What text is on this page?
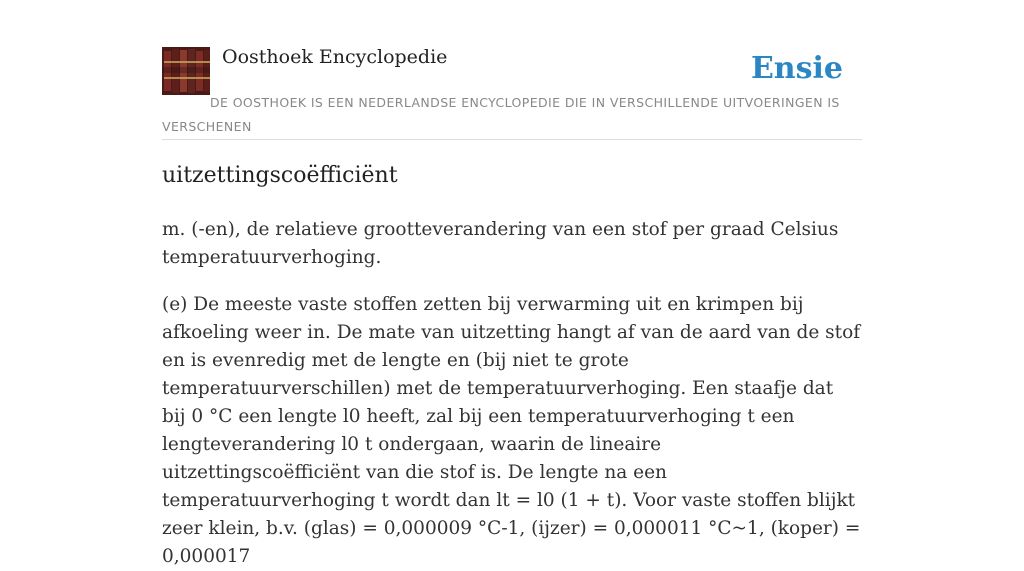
Oosthoek Encyclopedie	Ensie
DE OOSTHOEK IS EEN NEDERLANDSE ENCYCLOPEDIE DIE IN VERSCHILLENDE UITVOERINGEN IS VERSCHENEN
uitzettingscoëfficiënt

m. (-en), de relatieve grootteverandering van een stof per graad Celsius temperatuurverhoging.

(e) De meeste vaste stoffen zetten bij verwarming uit en krimpen bij afkoeling weer in. De mate van uitzetting hangt af van de aard van de stof en is evenredig met de lengte en (bij niet te grote temperatuurverschillen) met de temperatuurverhoging. Een staafje dat bij 0 °C een lengte l0 heeft, zal bij een temperatuurverhoging t een lengteverandering l0 t ondergaan, waarin de lineaire uitzettingscoëfficiënt van die stof is. De lengte na een temperatuurverhoging t wordt dan lt = l0 (1 + t). Voor vaste stoffen blijkt zeer klein, b.v. (glas) = 0,000009 °C-1, (ijzer) = 0,000011 °C~1, (koper) = 0,000017
